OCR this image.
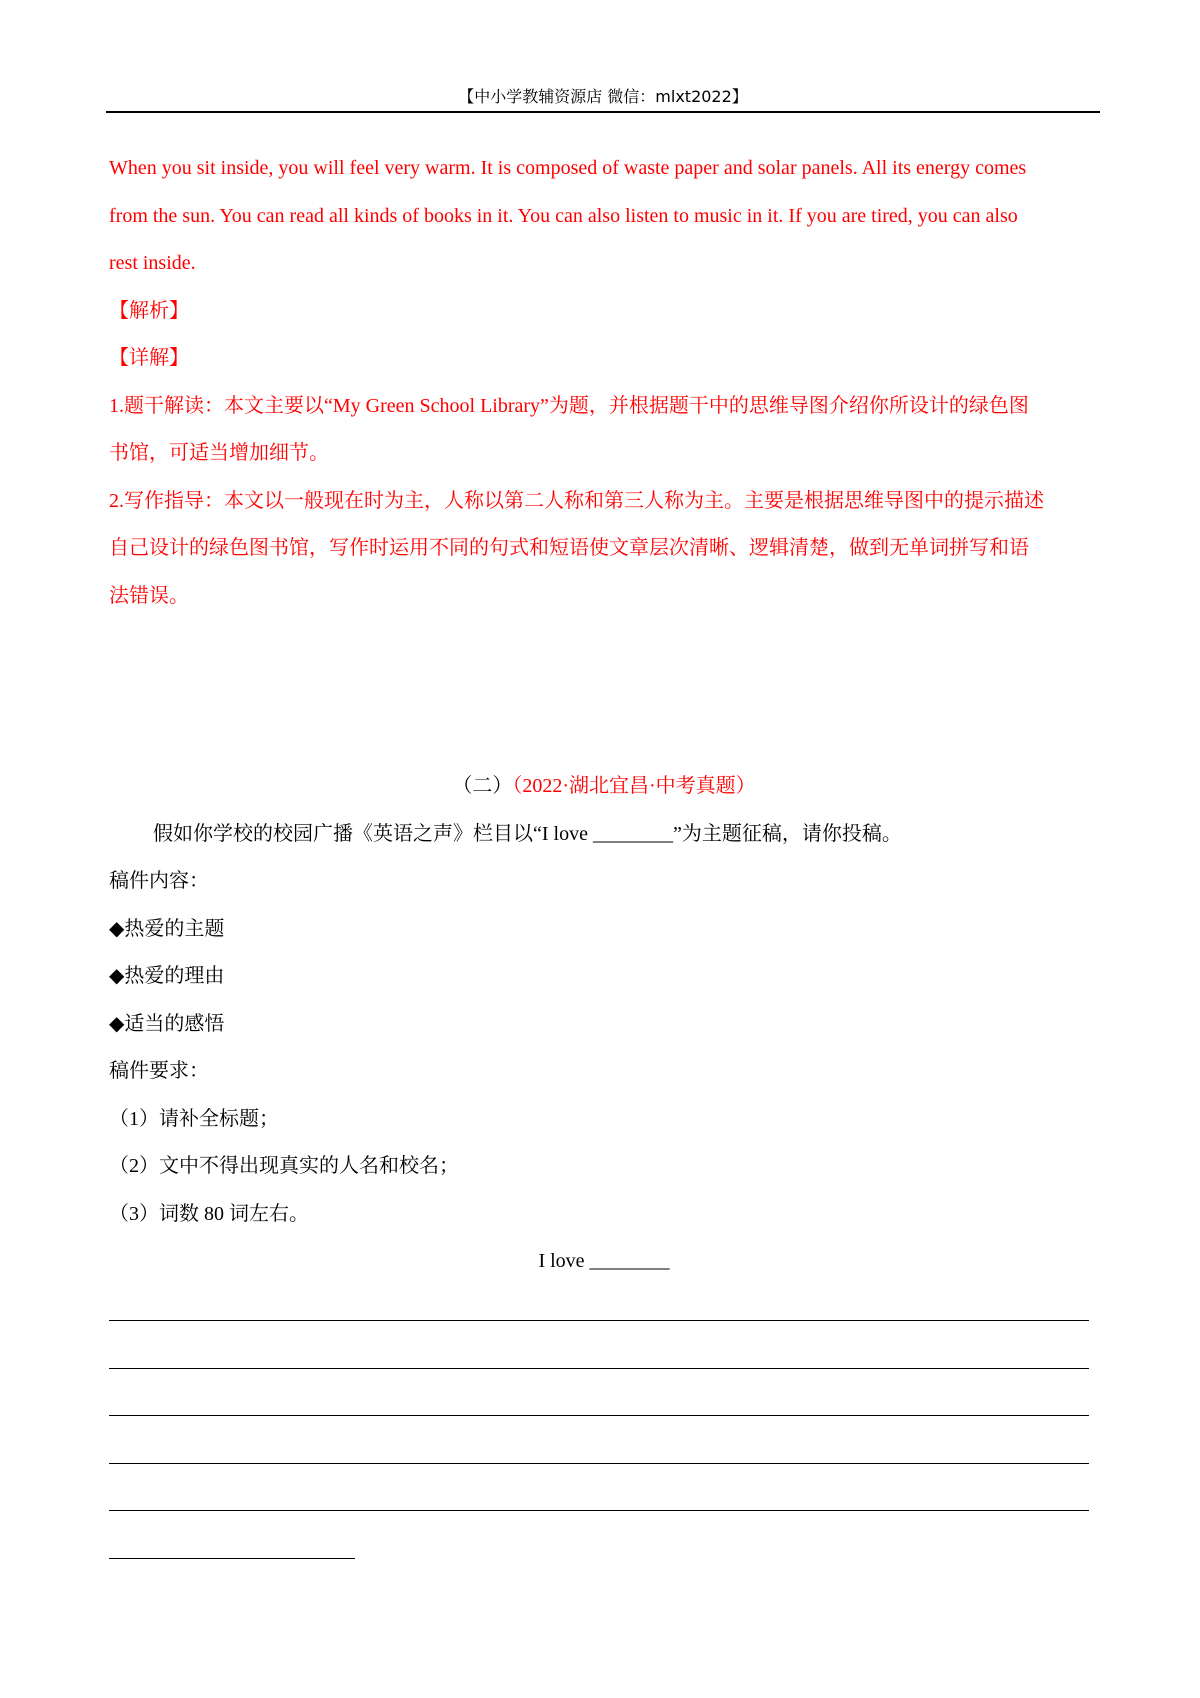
【中小学教辅资源店 微信：mlxt2022】
When you sit inside, you will feel very warm. It is composed of waste paper and solar panels. All its energy comes
from the sun. You can read all kinds of books in it. You can also listen to music in it. If you are tired, you can also
rest inside.
【解析】
【详解】
1.题干解读：本文主要以“My Green School Library”为题，并根据题干中的思维导图介绍你所设计的绿色图
书馆，可适当增加细节。
2.写作指导：本文以一般现在时为主，人称以第二人称和第三人称为主。主要是根据思维导图中的提示描述
自己设计的绿色图书馆，写作时运用不同的句式和短语使文章层次清晰、逻辑清楚，做到无单词拼写和语
法错误。
（二）（2022·湖北宜昌·中考真题）
假如你学校的校园广播《英语之声》栏目以“I love ________”为主题征稿，请你投稿。
稿件内容：
◆热爱的主题
◆热爱的理由
◆适当的感悟
稿件要求：
（1）请补全标题；
（2）文中不得出现真实的人名和校名；
（3）词数 80 词左右。
I love ________
